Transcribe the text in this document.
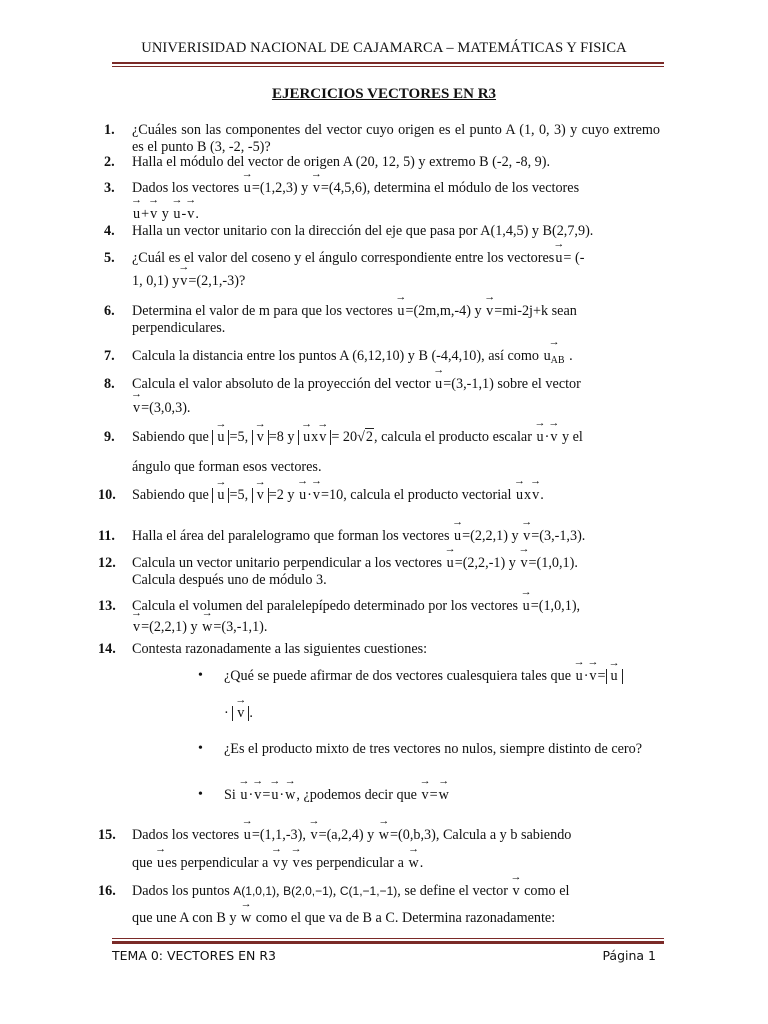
UNIVERISIDAD NACIONAL DE CAJAMARCA – MATEMÁTICAS Y FISICA
EJERCICIOS VECTORES EN R3
1. ¿Cuáles son las componentes del vector cuyo origen es el punto A (1, 0, 3) y cuyo extremo es el punto B (3, -2, -5)?
2. Halla el módulo del vector de origen A (20, 12, 5) y extremo B (-2, -8, 9).
3. Dados los vectores → u=(1,2,3) y → v=(4,5,6), determina el módulo de los vectores
→ u+→ v y → u-→ v.
4. Halla un vector unitario con la dirección del eje que pasa por A(1,4,5) y B(2,7,9).
5. ¿Cuál es el valor del coseno y el ángulo correspondiente entre los vectores→ u= (-
1, 0,1) y→ v=(2,1,-3)?
6. Determina el valor de m para que los vectores → u=(2m,m,-4) y → v=mi-2j+k sean
perpendiculares.
7. Calcula la distancia entre los puntos A (6,12,10) y B (-4,4,10), así como → $u_{AB}$ .
8. Calcula el valor absoluto de la proyección del vector → u=(3,-1,1) sobre el vector
→ v=(3,0,3).
9. Sabiendo que → u =5, → v =8 y → ux→ v = 20√2, calcula el producto escalar → u·→ v y el
ángulo que forman esos vectores.
10. Sabiendo que → u =5, → v =2 y → u·→ v=10, calcula el producto vectorial → ux→ v.
11. Halla el área del paralelogramo que forman los vectores → u=(2,2,1) y → v=(3,-1,3).
12. Calcula un vector unitario perpendicular a los vectores → u=(2,2,-1) y → v=(1,0,1).
Calcula después uno de módulo 3.
13. Calcula el volumen del paralelepípedo determinado por los vectores → u=(1,0,1),
→ v=(2,2,1) y → w=(3,-1,1).
14. Contesta razonadamente a las siguientes cuestiones:
• ¿Qué se puede afirmar de dos vectores cualesquiera tales que → u·→ v= → u
· → v .
• ¿Es el producto mixto de tres vectores no nulos, siempre distinto de cero?
• Si → u·→ v=→ u·→ w, ¿podemos decir que → v=→ w
15. Dados los vectores → u=(1,1,-3), → v=(a,2,4) y → w=(0,b,3), Calcula a y b sabiendo
que → ues perpendicular a → vy → ves perpendicular a → w.
16. Dados los puntos A(1,0,1), B(2,0,−1), C(1,−1,−1), se define el vector → v como el
que une A con B y → w como el que va de B a C. Determina razonadamente:
TEMA 0: VECTORES EN R3	Página 1
